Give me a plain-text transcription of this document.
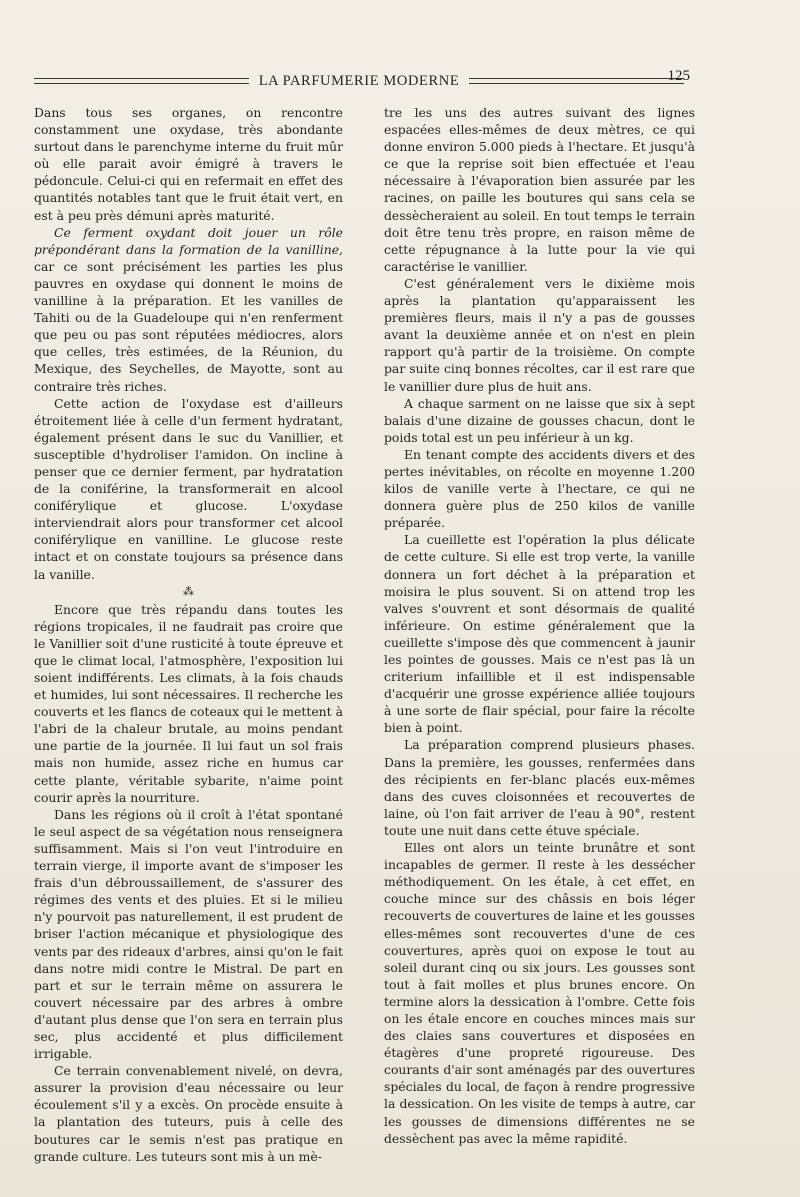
LA PARFUMERIE MODERNE	125

Dans tous ses organes, on rencontre constamment une oxydase, très abondante surtout dans le parenchyme interne du fruit mûr où elle parait avoir émigré à travers le pédoncule. Celui-ci qui en refermait en effet des quantités notables tant que le fruit était vert, en est à peu près démuni après maturité.

Ce ferment oxydant doit jouer un rôle prépondérant dans la formation de la vanilline, car ce sont précisément les parties les plus pauvres en oxydase qui donnent le moins de vanilline à la préparation. Et les vanilles de Tahiti ou de la Guadeloupe qui n'en renferment que peu ou pas sont réputées médiocres, alors que celles, très estimées, de la Réunion, du Mexique, des Seychelles, de Mayotte, sont au contraire très riches.

Cette action de l'oxydase est d'ailleurs étroitement liée à celle d'un ferment hydratant, également présent dans le suc du Vanillier, et susceptible d'hydroliser l'amidon. On incline à penser que ce dernier ferment, par hydratation de la coniférine, la transformerait en alcool coniférylique et glucose. L'oxydase interviendrait alors pour transformer cet alcool coniférylique en vanilline. Le glucose reste intact et on constate toujours sa présence dans la vanille.

⁂

Encore que très répandu dans toutes les régions tropicales, il ne faudrait pas croire que le Vanillier soit d'une rusticité à toute épreuve et que le climat local, l'atmosphère, l'exposition lui soient indifférents. Les climats, à la fois chauds et humides, lui sont nécessaires. Il recherche les couverts et les flancs de coteaux qui le mettent à l'abri de la chaleur brutale, au moins pendant une partie de la journée. Il lui faut un sol frais mais non humide, assez riche en humus car cette plante, véritable sybarite, n'aime point courir après la nourriture.

Dans les régions où il croît à l'état spontané le seul aspect de sa végétation nous renseignera suffisamment. Mais si l'on veut l'introduire en terrain vierge, il importe avant de s'imposer les frais d'un débroussaillement, de s'assurer des régimes des vents et des pluies. Et si le milieu n'y pourvoit pas naturellement, il est prudent de briser l'action mécanique et physiologique des vents par des rideaux d'arbres, ainsi qu'on le fait dans notre midi contre le Mistral. De part en part et sur le terrain même on assurera le couvert nécessaire par des arbres à ombre d'autant plus dense que l'on sera en terrain plus sec, plus accidenté et plus difficilement irrigable.

Ce terrain convenablement nivelé, on devra, assurer la provision d'eau nécessaire ou leur écoulement s'il y a excès. On procède ensuite à la plantation des tuteurs, puis à celle des boutures car le semis n'est pas pratique en grande culture. Les tuteurs sont mis à un mè-

tre les uns des autres suivant des lignes espacées elles-mêmes de deux mètres, ce qui donne environ 5.000 pieds à l'hectare. Et jusqu'à ce que la reprise soit bien effectuée et l'eau nécessaire à l'évaporation bien assurée par les racines, on paille les boutures qui sans cela se dessècheraient au soleil. En tout temps le terrain doit être tenu très propre, en raison même de cette répugnance à la lutte pour la vie qui caractérise le vanillier.

C'est généralement vers le dixième mois après la plantation qu'apparaissent les premières fleurs, mais il n'y a pas de gousses avant la deuxième année et on n'est en plein rapport qu'à partir de la troisième. On compte par suite cinq bonnes récoltes, car il est rare que le vanillier dure plus de huit ans.

A chaque sarment on ne laisse que six à sept balais d'une dizaine de gousses chacun, dont le poids total est un peu inférieur à un kg.

En tenant compte des accidents divers et des pertes inévitables, on récolte en moyenne 1.200 kilos de vanille verte à l'hectare, ce qui ne donnera guère plus de 250 kilos de vanille préparée.

La cueillette est l'opération la plus délicate de cette culture. Si elle est trop verte, la vanille donnera un fort déchet à la préparation et moisira le plus souvent. Si on attend trop les valves s'ouvrent et sont désormais de qualité inférieure. On estime généralement que la cueillette s'impose dès que commencent à jaunir les pointes de gousses. Mais ce n'est pas là un criterium infaillible et il est indispensable d'acquérir une grosse expérience alliée toujours à une sorte de flair spécial, pour faire la récolte bien à point.

La préparation comprend plusieurs phases. Dans la première, les gousses, renfermées dans des récipients en fer-blanc placés eux-mêmes dans des cuves cloisonnées et recouvertes de laine, où l'on fait arriver de l'eau à 90°, restent toute une nuit dans cette étuve spéciale.

Elles ont alors un teinte brunâtre et sont incapables de germer. Il reste à les dessécher méthodiquement. On les étale, à cet effet, en couche mince sur des châssis en bois léger recouverts de couvertures de laine et les gousses elles-mêmes sont recouvertes d'une de ces couvertures, après quoi on expose le tout au soleil durant cinq ou six jours. Les gousses sont tout à fait molles et plus brunes encore. On termine alors la dessication à l'ombre. Cette fois on les étale encore en couches minces mais sur des claies sans couvertures et disposées en étagères d'une propreté rigoureuse. Des courants d'air sont aménagés par des ouvertures spéciales du local, de façon à rendre progressive la dessication. On les visite de temps à autre, car les gousses de dimensions différentes ne se dessèchent pas avec la même rapidité.
